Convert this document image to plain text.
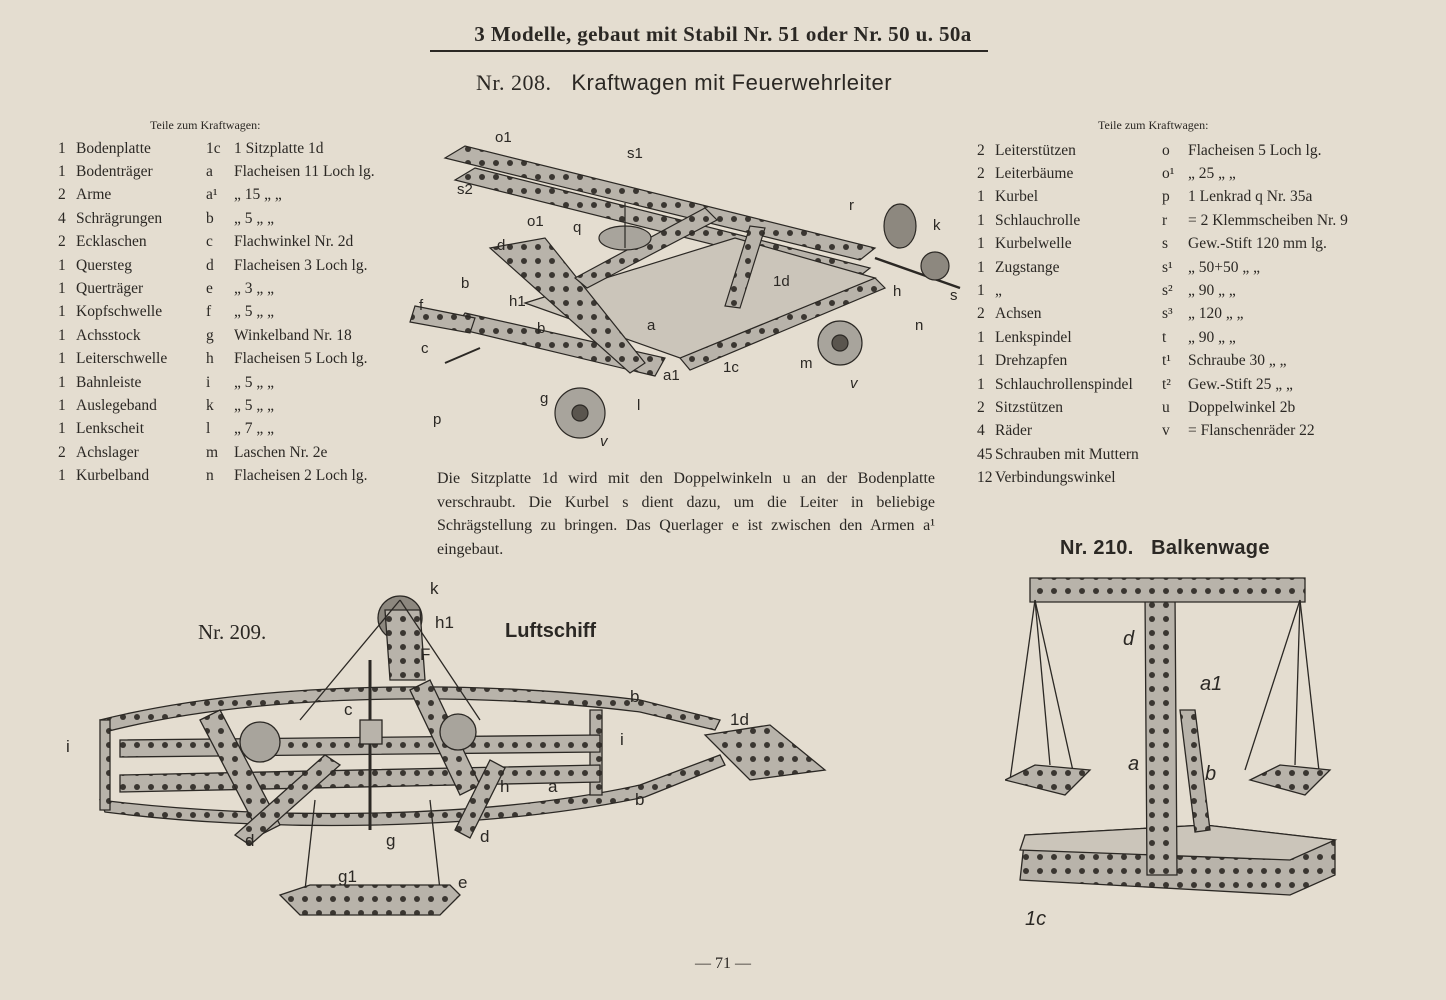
3 Modelle, gebaut mit Stabil Nr. 51 oder Nr. 50 u. 50a
Nr. 208. Kraftwagen mit Feuerwehrleiter
Teile zum Kraftwagen:	Teile zum Kraftwagen:
1	Bodenplatte	1c	1 Sitzplatte 1d
1	Bodenträger	a	Flacheisen 11 Loch lg.
2	Arme	a¹	„ 15 „ „
4	Schrägrungen	b	„ 5 „ „
2	Ecklaschen	c	Flachwinkel Nr. 2d
1	Quersteg	d	Flacheisen 3 Loch lg.
1	Querträger	e	„ 3 „ „
1	Kopfschwelle	f	„ 5 „ „
1	Achsstock	g	Winkelband Nr. 18
1	Leiterschwelle	h	Flacheisen 5 Loch lg.
1	Bahnleiste	i	„ 5 „ „
1	Auslegeband	k	„ 5 „ „
1	Lenkscheit	l	„ 7 „ „
2	Achslager	m	Laschen Nr. 2e
1	Kurbelband	n	Flacheisen 2 Loch lg.
2	Leiterstützen	o	Flacheisen 5 Loch lg.
2	Leiterbäume	o¹	„ 25 „ „
1	Kurbel	p	1 Lenkrad q Nr. 35a
1	Schlauchrolle	r	= 2 Klemmscheiben Nr. 9
1	Kurbelwelle	s	Gew.-Stift 120 mm lg.
1	Zugstange	s¹	„ 50+50 „ „
1	„	s²	„ 90 „ „
2	Achsen	s³	„ 120 „ „
1	Lenkspindel	t	„ 90 „ „
1	Drehzapfen	t¹	Schraube 30 „ „
1	Schlauchrollenspindel	t²	Gew.-Stift 25 „ „
2	Sitzstützen	u	Doppelwinkel 2b
4	Räder	v	= Flanschenräder 22
45	Schrauben mit Muttern		
12	Verbindungswinkel		
Die Sitzplatte 1d wird mit den Doppelwinkeln u an der Bodenplatte verschraubt. Die Kurbel s dient dazu, um die Leiter in beliebige Schrägstellung zu bringen. Das Querlager e ist zwischen den Armen a¹ eingebaut.
o1
s1
s2
r
k
o1 q
d
1d
b
h1
b	a
h	s
f
c
n
1c	m
a1
p
g	l
v
v
Nr. 209.	Luftschiff
k
h1
F
c
b
1d
i	i
h a
b
d	g	d
g1	e
Nr. 210. Balkenwage
d
a1
a	b
1c
— 71 —
